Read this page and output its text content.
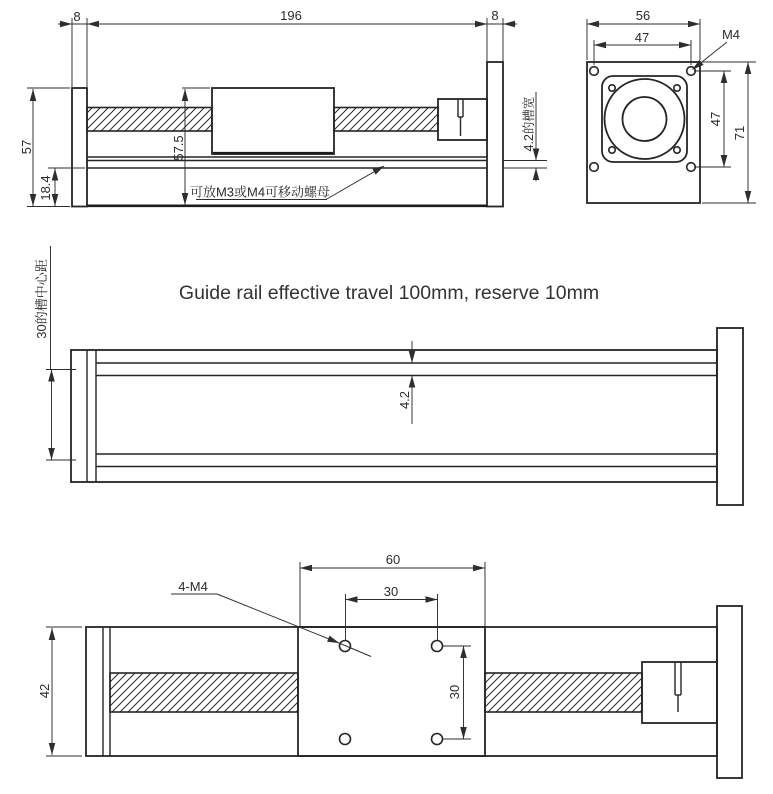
8	196	8
57
18.4
57.5	4.2的槽宽
可放M3或M4可移动螺母
56
47	M4
47
71
Guide rail effective travel 100mm, reserve 10mm
30的槽中心距
4.2
42
60
30
30
4-M4
